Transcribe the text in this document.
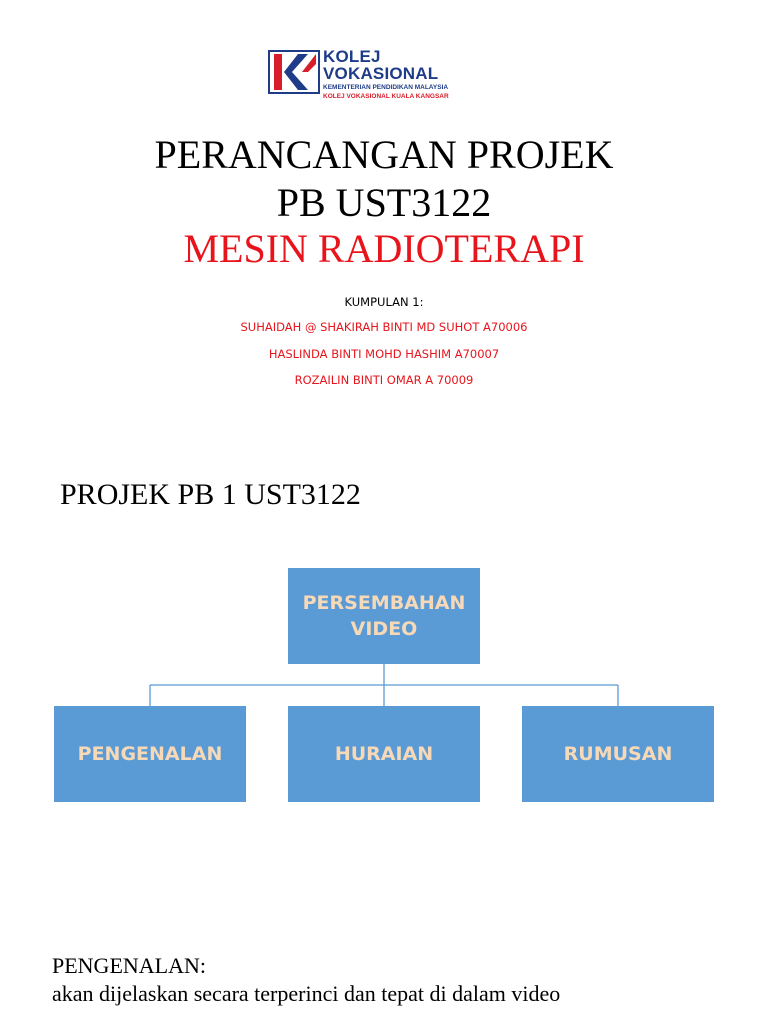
KOLEJ
VOKASIONAL
KEMENTERIAN PENDIDIKAN MALAYSIA
KOLEJ VOKASIONAL KUALA KANGSAR
PERANCANGAN PROJEK
PB UST3122
MESIN RADIOTERAPI
KUMPULAN 1:
SUHAIDAH @ SHAKIRAH BINTI MD SUHOT A70006
HASLINDA BINTI MOHD HASHIM A70007
ROZAILIN BINTI OMAR A 70009
PROJEK PB 1 UST3122
PERSEMBAHAN
VIDEO
PENGENALAN	HURAIAN	RUMUSAN
PENGENALAN:
akan dijelaskan secara terperinci dan tepat di dalam video
